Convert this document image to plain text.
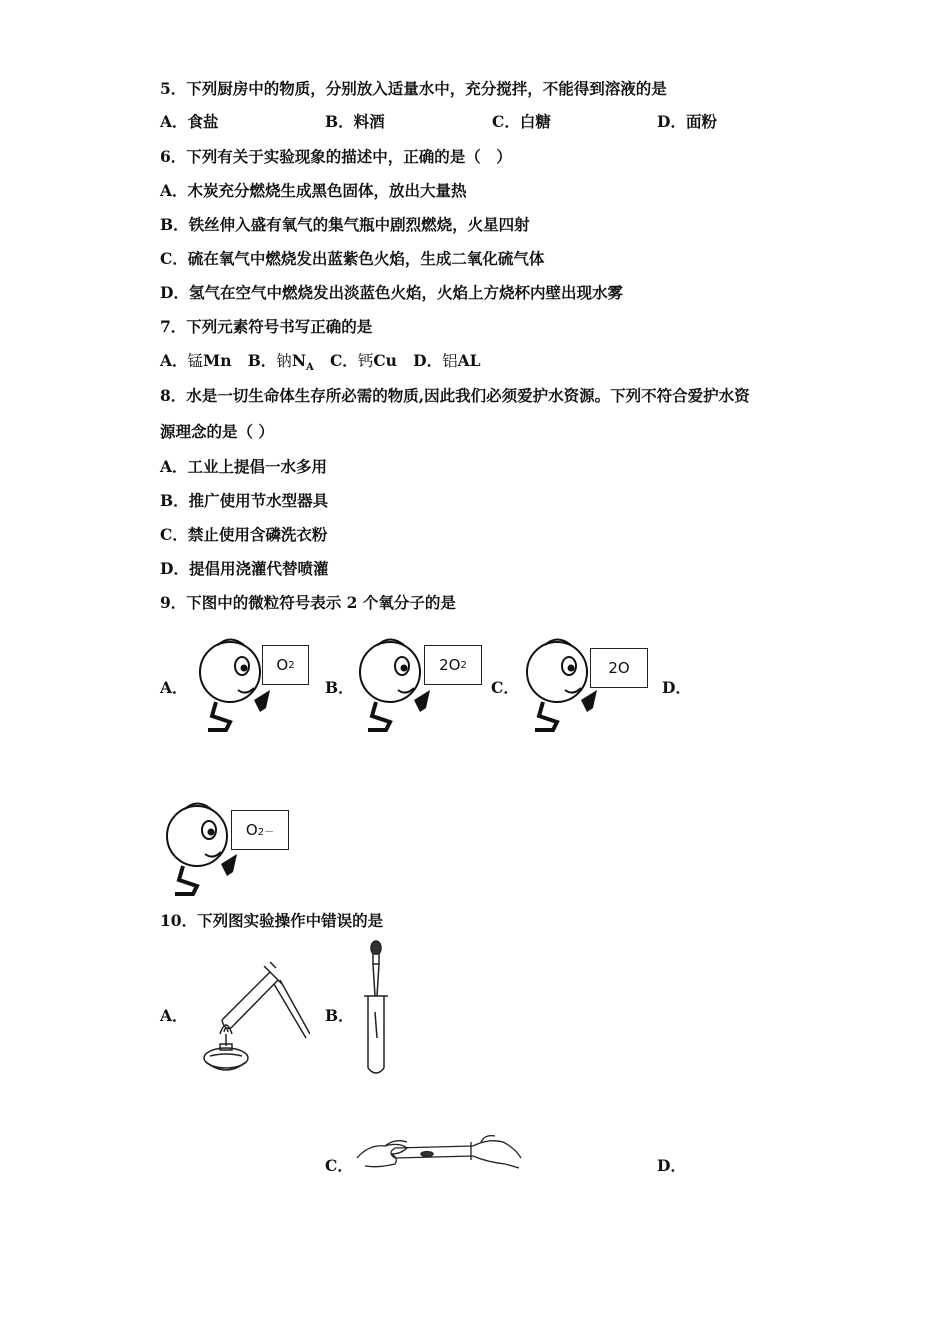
5．下列厨房中的物质，分别放入适量水中，充分搅拌，不能得到溶液的是
A．食盐	B．料酒	C．白糖	D．面粉
6．下列有关于实验现象的描述中，正确的是（　）
A．木炭充分燃烧生成黑色固体，放出大量热
B．铁丝伸入盛有氧气的集气瓶中剧烈燃烧，火星四射
C．硫在氧气中燃烧发出蓝紫色火焰，生成二氧化硫气体
D．氢气在空气中燃烧发出淡蓝色火焰，火焰上方烧杯内壁出现水雾
7．下列元素符号书写正确的是
A．锰Mn B．钠$N_A$ C．钙Cu D．铝AL
8．水是一切生命体生存所必需的物质,因此我们必须爱护水资源。下列不符合爱护水资
源理念的是（ ）
A．工业上提倡一水多用
B．推广使用节水型器具
C．禁止使用含磷洗衣粉
D．提倡用浇灌代替喷灌
9．下图中的微粒符号表示 2 个氧分子的是
A．	B．	C．	D．
O 2	2O 2	2O
O 2－
10．下列图实验操作中错误的是
A．	B．
C．	D．
